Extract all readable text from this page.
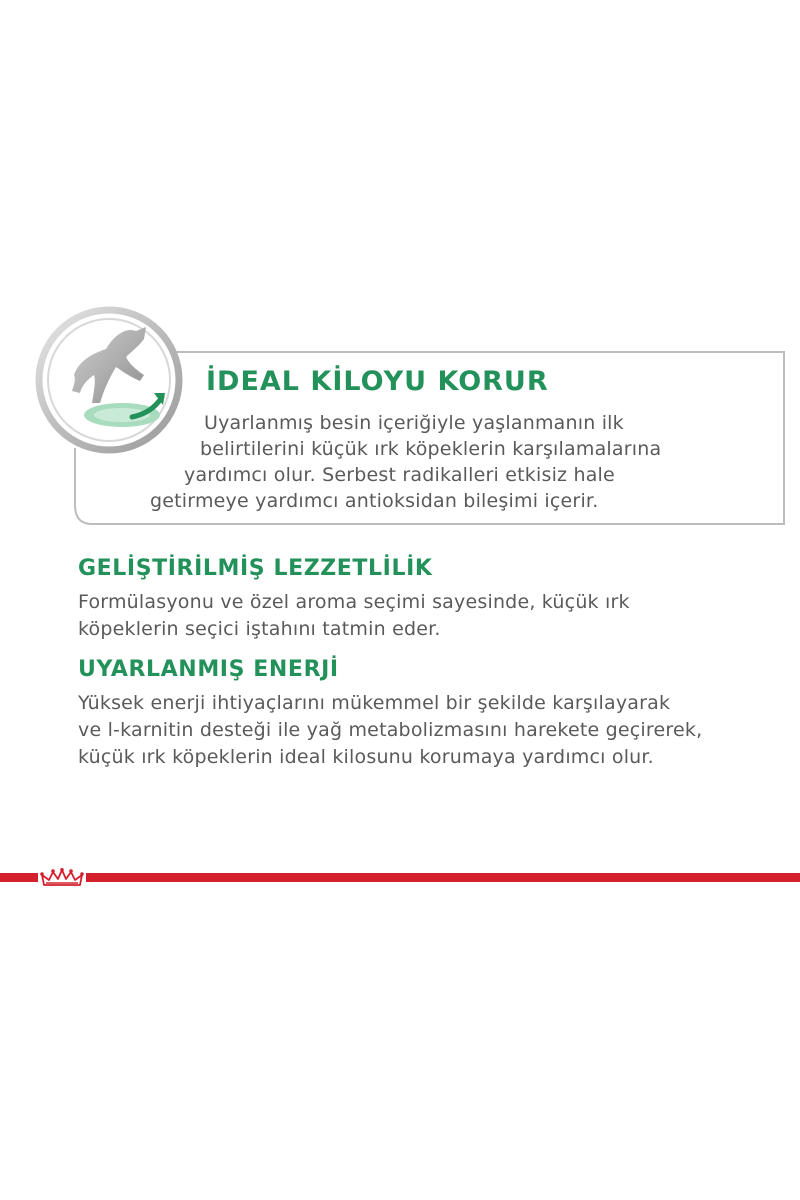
İDEAL KİLOYU KORUR
Uyarlanmış besin içeriğiyle yaşlanmanın ilk
belirtilerini küçük ırk köpeklerin karşılamalarına
yardımcı olur. Serbest radikalleri etkisiz hale
getirmeye yardımcı antioksidan bileşimi içerir.
GELİŞTİRİLMİŞ LEZZETLİLİK
Formülasyonu ve özel aroma seçimi sayesinde, küçük ırk
köpeklerin seçici iştahını tatmin eder.
UYARLANMIŞ ENERJİ
Yüksek enerji ihtiyaçlarını mükemmel bir şekilde karşılayarak
ve l-karnitin desteği ile yağ metabolizmasını harekete geçirerek,
küçük ırk köpeklerin ideal kilosunu korumaya yardımcı olur.
